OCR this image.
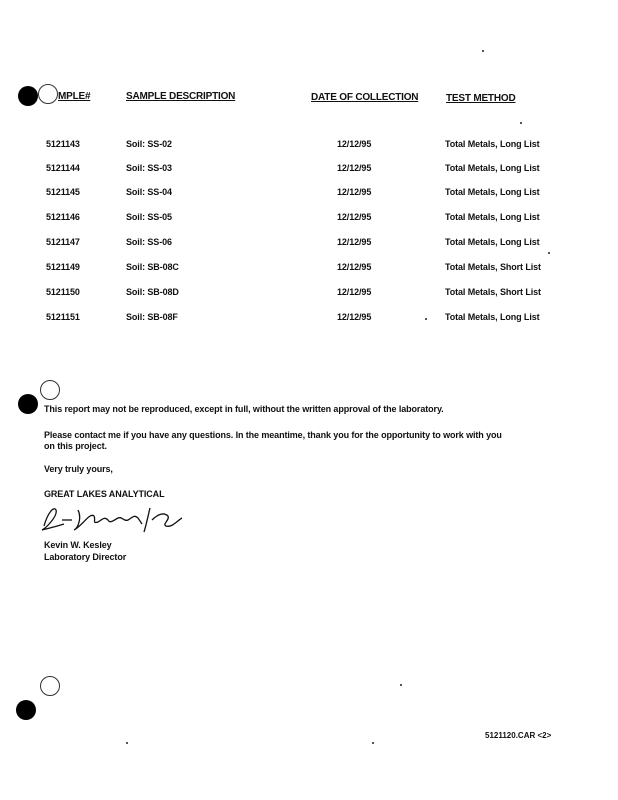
MPLE#	SAMPLE DESCRIPTION	DATE OF COLLECTION	TEST METHOD
5121143	Soil: SS-02	12/12/95	Total Metals, Long List
5121144	Soil: SS-03	12/12/95	Total Metals, Long List
5121145	Soil: SS-04	12/12/95	Total Metals, Long List
5121146	Soil: SS-05	12/12/95	Total Metals, Long List
5121147	Soil: SS-06	12/12/95	Total Metals, Long List
5121149	Soil: SB-08C	12/12/95	Total Metals, Short List
5121150	Soil: SB-08D	12/12/95	Total Metals, Short List
5121151	Soil: SB-08F	12/12/95	Total Metals, Long List
This report may not be reproduced, except in full, without the written approval of the laboratory.
Please contact me if you have any questions. In the meantime, thank you for the opportunity to work with you
on this project.
Very truly yours,
GREAT LAKES ANALYTICAL
Kevin W. Kesley
Laboratory Director
5121120.CAR <2>
